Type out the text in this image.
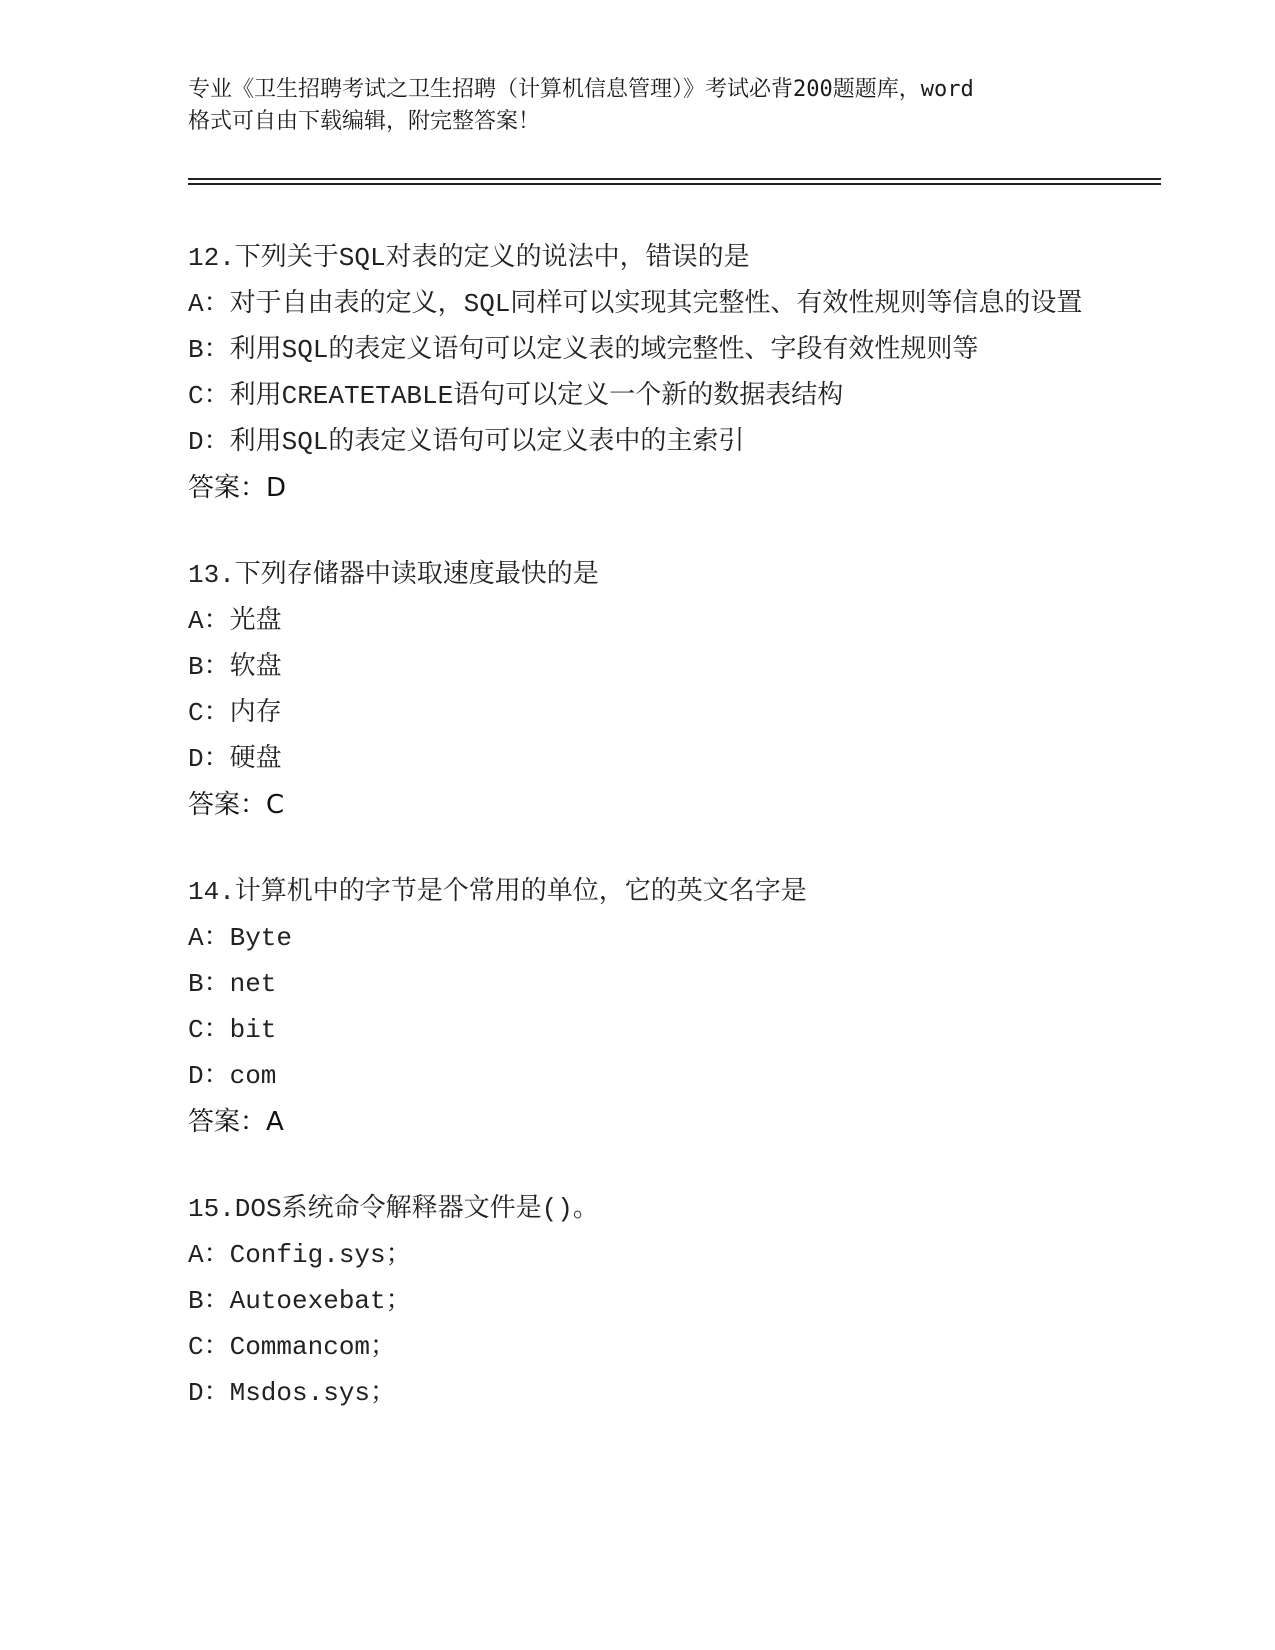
专业《卫生招聘考试之卫生招聘（计算机信息管理）》考试必背200题题库，word
格式可自由下载编辑，附完整答案！
12.下列关于SQL对表的定义的说法中，错误的是
A：对于自由表的定义，SQL同样可以实现其完整性、有效性规则等信息的设置
B：利用SQL的表定义语句可以定义表的域完整性、字段有效性规则等
C：利用CREATETABLE语句可以定义一个新的数据表结构
D：利用SQL的表定义语句可以定义表中的主索引
答案：D
13.下列存储器中读取速度最快的是
A：光盘
B：软盘
C：内存
D：硬盘
答案：C
14.计算机中的字节是个常用的单位，它的英文名字是
A：Byte
B：net
C：bit
D：com
答案：A
15.DOS系统命令解释器文件是()。
A：Config.sys；
B：Autoexebat；
C：Commancom；
D：Msdos.sys；
